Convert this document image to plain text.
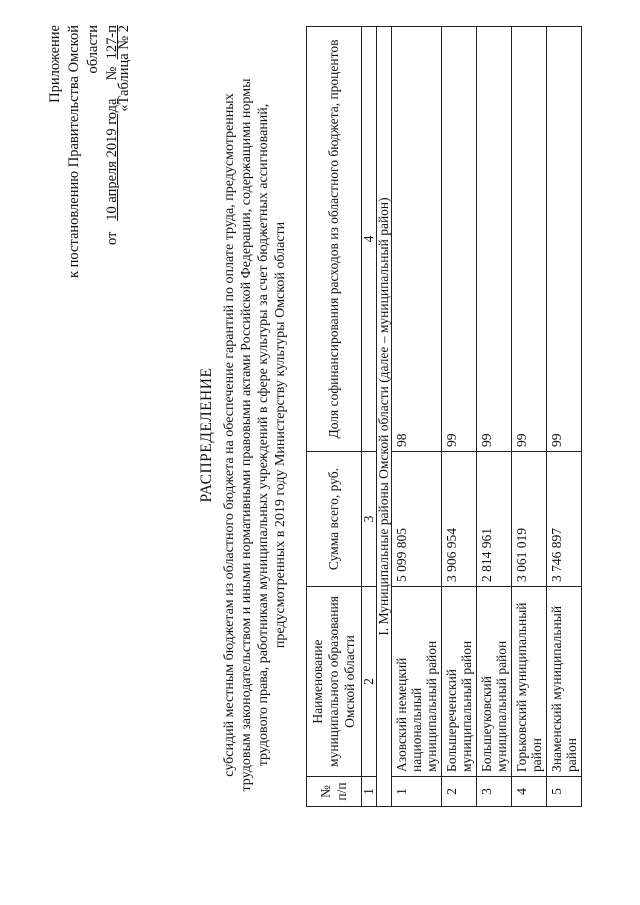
Приложение к постановлению Правительства Омской области
от   10 апреля 2019 года     №  127-п
«Таблица № 2
РАСПРЕДЕЛЕНИЕ субсидий местным бюджетам из областного бюджета на обеспечение гарантий по оплате труда, предусмотренных трудовым законодательством и иными нормативными правовыми актами Российской Федерации, содержащими нормы трудового права, работникам муниципальных учреждений в сфере культуры за счет бюджетных ассигнований, предусмотренных в 2019 году Министерству культуры Омской области
№ п/п	Наименование муниципального образования Омской области	Сумма всего, руб.	Доля софинансирования расходов из областного бюджета, процентов
1	2	3	4
I. Муниципальные районы Омской области (далее – муниципальный район)			
1	Азовский немецкий национальный муниципальный район	5 099 805	98
2	Большереченский муниципальный район	3 906 954	99
3	Большеуковский муниципальный район	2 814 961	99
4	Горьковский муниципальный район	3 061 019	99
5	Знаменский муниципальный район	3 746 897	99
